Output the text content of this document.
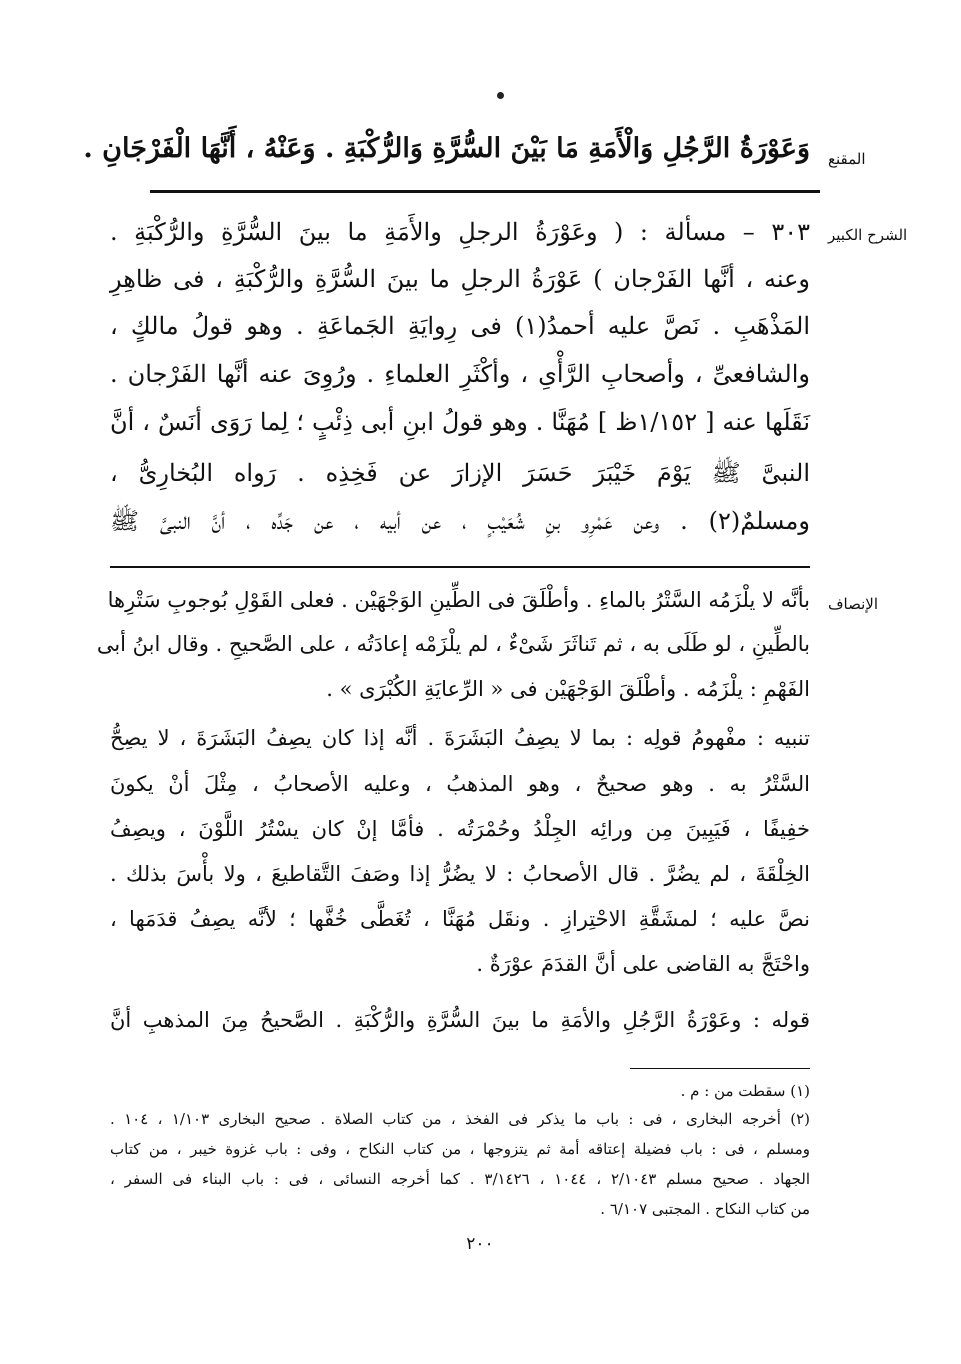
المقنع
وَعَوْرَةُ الرَّجُلِ وَالْأَمَةِ مَا بَيْنَ السُّرَّةِ وَالرُّكْبَةِ . وَعَنْهُ ، أَنَّهَا الْفَرْجَانِ .
الشرح الكبير
٣٠٣ – مسألة : ( وعَوْرَةُ الرجلِ والأَمَةِ ما بينَ السُّرَّةِ والرُّكْبَةِ .
وعنه ، أنَّها الفَرْجان ) عَوْرَةُ الرجلِ ما بينَ السُّرَّةِ والرُّكْبَةِ ، فى ظاهِرِ
المَذْهَبِ . نَصَّ عليه أحمدُ(١) فى رِوايَةِ الجَماعَةِ . وهو قولُ مالكٍ ،
والشافعىِّ ، وأصحابِ الرَّأْىِ ، وأكْثَرِ العلماءِ . ورُوِىَ عنه أنَّها الفَرْجان .
نَقَلَها عنه [ ١/١٥٢ظ ] مُهَنَّا . وهو قولُ ابنِ أبى ذِئْبٍ ؛ لِما رَوَى أنَسٌ ، أنَّ
النبىَّ ﷺ يَوْمَ خَيْبَرَ حَسَرَ الإزارَ عن فَخِذِه . رَواه البُخارِىُّ ،
ومسلمٌ(٢) . وعن عَمْرِو بنِ شُعَيْبٍ ، عن أبيه ، عن جَدِّه ، أنَّ النبىَّ ﷺ
الإنصاف
بأنَّه لا يلْزَمُه السَّتْرُ بالماءِ . وأطْلَقَ فى الطِّينِ الوَجْهَيْن . فعلى القَوْلِ بُوجوبِ سَتْرِها
بالطِّينِ ، لو طَلَى به ، ثم تَناثَرَ شَىْءٌ ، لم يلْزَمْه إعادَتُه ، على الصَّحيحِ . وقال ابنُ أبى
الفَهْمِ : يلْزَمُه . وأطْلَقَ الوَجْهَيْن فى « الرِّعايَةِ الكُبْرَى » .
تنبيه : مفْهومُ قولِه : بما لا يصِفُ البَشَرَةَ . أنَّه إذا كان يصِفُ البَشَرَةَ ، لا يصِحُّ
السَّتْرُ به . وهو صحيحٌ ، وهو المذهبُ ، وعليه الأصحابُ ، مِثْلَ أنْ يكونَ
خفِيفًا ، فَيَبِينَ مِن ورائِه الجِلْدُ وحُمْرَتُه . فأمَّا إنْ كان يسْتُرُ اللَّوْنَ ، ويصِفُ
الخِلْقَةَ ، لم يضُرَّ . قال الأصحابُ : لا يضُرُّ إذا وصَفَ التَّقاطيعَ ، ولا بأْسَ بذلك .
نصَّ عليه ؛ لمشَقَّةِ الاحْتِرازِ . ونقَل مُهَنَّا ، تُغَطَّى خُفَّها ؛ لأنَّه يصِفُ قدَمَها ،
واحْتَجَّ به القاضى على أنَّ القدَمَ عوْرَةٌ .
قوله : وعَوْرَةُ الرَّجُلِ والأمَةِ ما بينَ السُّرَّةِ والرُّكْبَةِ . الصَّحيحُ مِنَ المذهبِ أنَّ
(١) سقطت من : م .
(٢) أخرجه البخارى ، فى : باب ما يذكر فى الفخذ ، من كتاب الصلاة . صحيح البخارى ١/١٠٣ ، ١٠٤ .
ومسلم ، فى : باب فضيلة إعتاقه أمة ثم يتزوجها ، من كتاب النكاح ، وفى : باب غزوة خيبر ، من كتاب
الجهاد . صحيح مسلم ٢/١٠٤٣ ، ١٠٤٤ ، ٣/١٤٢٦ . كما أخرجه النسائى ، فى : باب البناء فى السفر ،
من كتاب النكاح . المجتبى ٦/١٠٧ .
٢٠٠
